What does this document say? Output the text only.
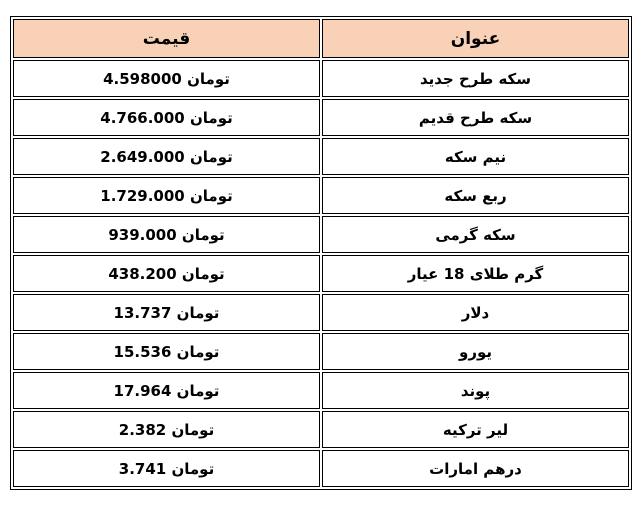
عنوان	قیمت
سکه طرح جدید	تومان 4.598000
سکه طرح قدیم	تومان 4.766.000
نیم سکه	تومان 2.649.000
ربع سکه	تومان 1.729.000
سکه گرمی	تومان 939.000
گرم طلای 18 عیار	تومان 438.200
دلار	تومان 13.737
یورو	تومان 15.536
پوند	تومان 17.964
لیر ترکیه	تومان 2.382
درهم امارات	تومان 3.741
